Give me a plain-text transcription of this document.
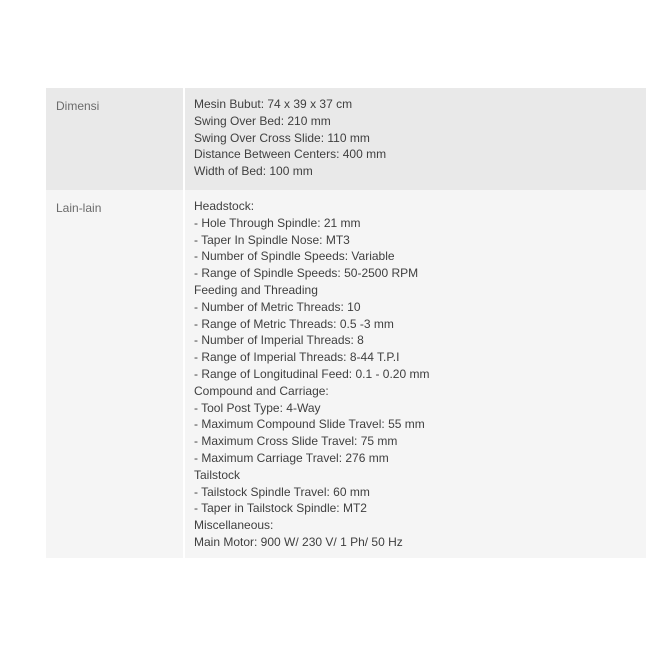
Dimensi	Mesin Bubut: 74 x 39 x 37 cm
Swing Over Bed: 210 mm
Swing Over Cross Slide: 110 mm
Distance Between Centers: 400 mm
Width of Bed: 100 mm
Lain-lain	Headstock:
- Hole Through Spindle: 21 mm
- Taper In Spindle Nose: MT3
- Number of Spindle Speeds: Variable
- Range of Spindle Speeds: 50-2500 RPM
Feeding and Threading
- Number of Metric Threads: 10
- Range of Metric Threads: 0.5 -3 mm
- Number of Imperial Threads: 8
- Range of Imperial Threads: 8-44 T.P.I
- Range of Longitudinal Feed: 0.1 - 0.20 mm
Compound and Carriage:
- Tool Post Type: 4-Way
- Maximum Compound Slide Travel: 55 mm
- Maximum Cross Slide Travel: 75 mm
- Maximum Carriage Travel: 276 mm
Tailstock
- Tailstock Spindle Travel: 60 mm
- Taper in Tailstock Spindle: MT2
Miscellaneous:
Main Motor: 900 W/ 230 V/ 1 Ph/ 50 Hz
